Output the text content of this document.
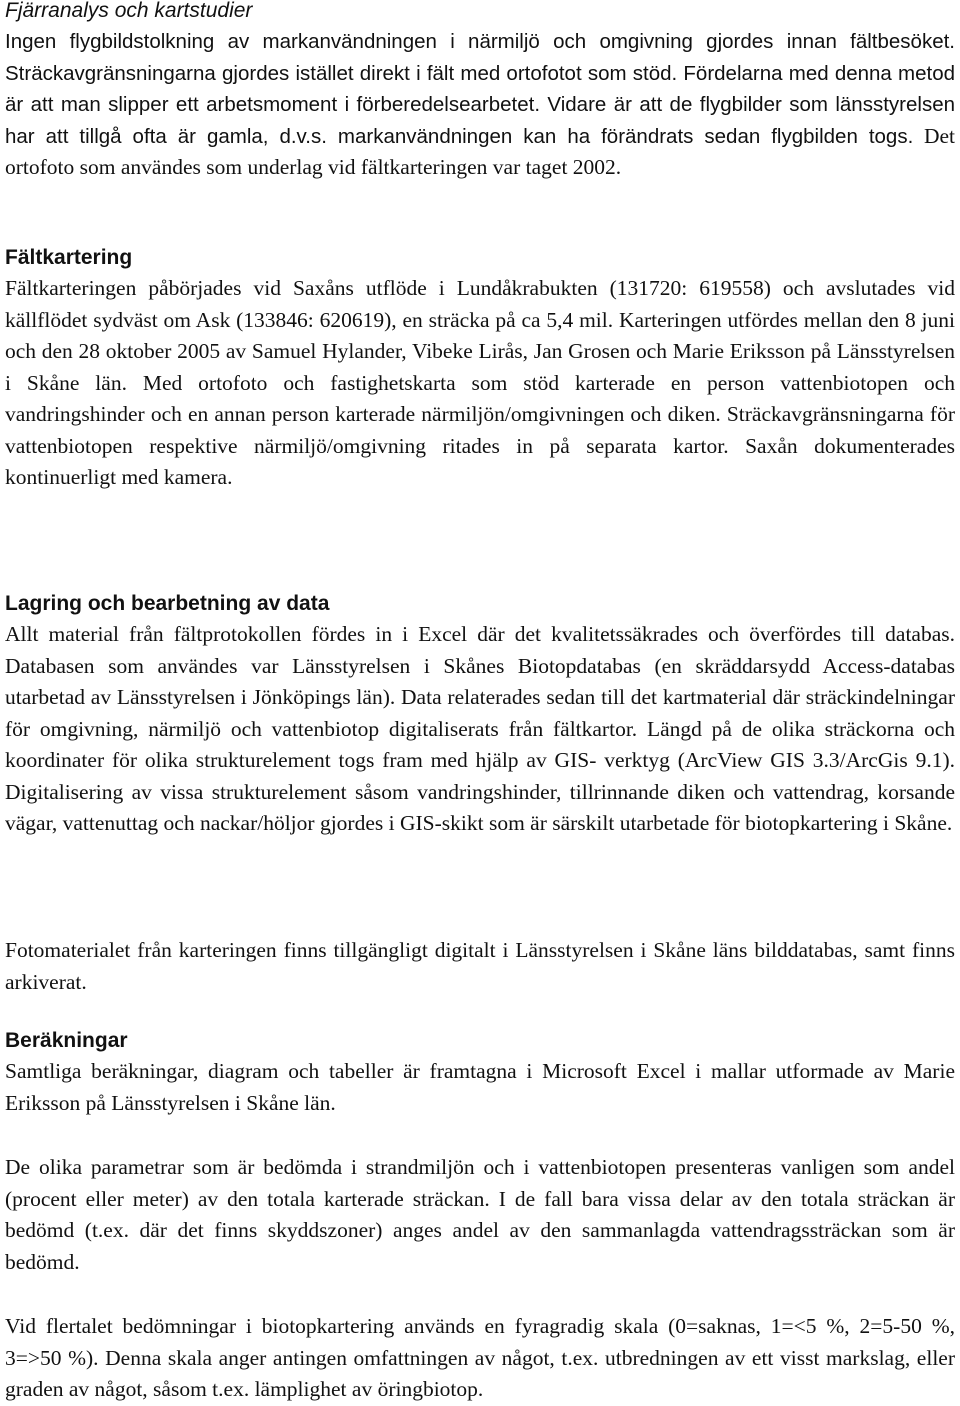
Fjärranalys och kartstudier

Ingen flygbildstolkning av markanvändningen i närmiljö och omgivning gjordes innan fältbesöket. Sträckavgränsningarna gjordes istället direkt i fält med ortofotot som stöd. Fördelarna med denna metod är att man slipper ett arbetsmoment i förberedelsearbetet. Vidare är att de flygbilder som länsstyrelsen har att tillgå ofta är gamla, d.v.s. markanvändningen kan ha förändrats sedan flygbilden togs. Det ortofoto som användes som underlag vid fältkarteringen var taget 2002.

Fältkartering

Fältkarteringen påbörjades vid Saxåns utflöde i Lundåkrabukten (131720: 619558) och avslutades vid källflödet sydväst om Ask (133846: 620619), en sträcka på ca 5,4 mil. Karteringen utfördes mellan den 8 juni och den 28 oktober 2005 av Samuel Hylander, Vibeke Lirås, Jan Grosen och Marie Eriksson på Länsstyrelsen i Skåne län. Med ortofoto och fastighetskarta som stöd karterade en person vattenbiotopen och vandringshinder och en annan person karterade närmiljön/omgivningen och diken. Sträckavgränsningarna för vattenbiotopen respektive närmiljö/omgivning ritades in på separata kartor. Saxån dokumenterades kontinuerligt med kamera.

Lagring och bearbetning av data

Allt material från fältprotokollen fördes in i Excel där det kvalitetssäkrades och överfördes till databas. Databasen som användes var Länsstyrelsen i Skånes Biotopdatabas (en skräddarsydd Access-databas utarbetad av Länsstyrelsen i Jönköpings län). Data relaterades sedan till det kartmaterial där sträckindelningar för omgivning, närmiljö och vattenbiotop digitaliserats från fältkartor. Längd på de olika sträckorna och koordinater för olika strukturelement togs fram med hjälp av GIS- verktyg (ArcView GIS 3.3/ArcGis 9.1). Digitalisering av vissa strukturelement såsom vandringshinder, tillrinnande diken och vattendrag, korsande vägar, vattenuttag och nackar/höljor gjordes i GIS-skikt som är särskilt utarbetade för biotopkartering i Skåne.

Fotomaterialet från karteringen finns tillgängligt digitalt i Länsstyrelsen i Skåne läns bilddatabas, samt finns arkiverat.

Beräkningar

Samtliga beräkningar, diagram och tabeller är framtagna i Microsoft Excel i mallar utformade av Marie Eriksson på Länsstyrelsen i Skåne län.

De olika parametrar som är bedömda i strandmiljön och i vattenbiotopen presenteras vanligen som andel (procent eller meter) av den totala karterade sträckan. I de fall bara vissa delar av den totala sträckan är bedömd (t.ex. där det finns skyddszoner) anges andel av den sammanlagda vattendragssträckan som är bedömd.

Vid flertalet bedömningar i biotopkartering används en fyragradig skala (0=saknas, 1=<5 %, 2=5-50 %, 3=>50 %). Denna skala anger antingen omfattningen av något, t.ex. utbredningen av ett visst markslag, eller graden av något, såsom t.ex. lämplighet av öringbiotop.
